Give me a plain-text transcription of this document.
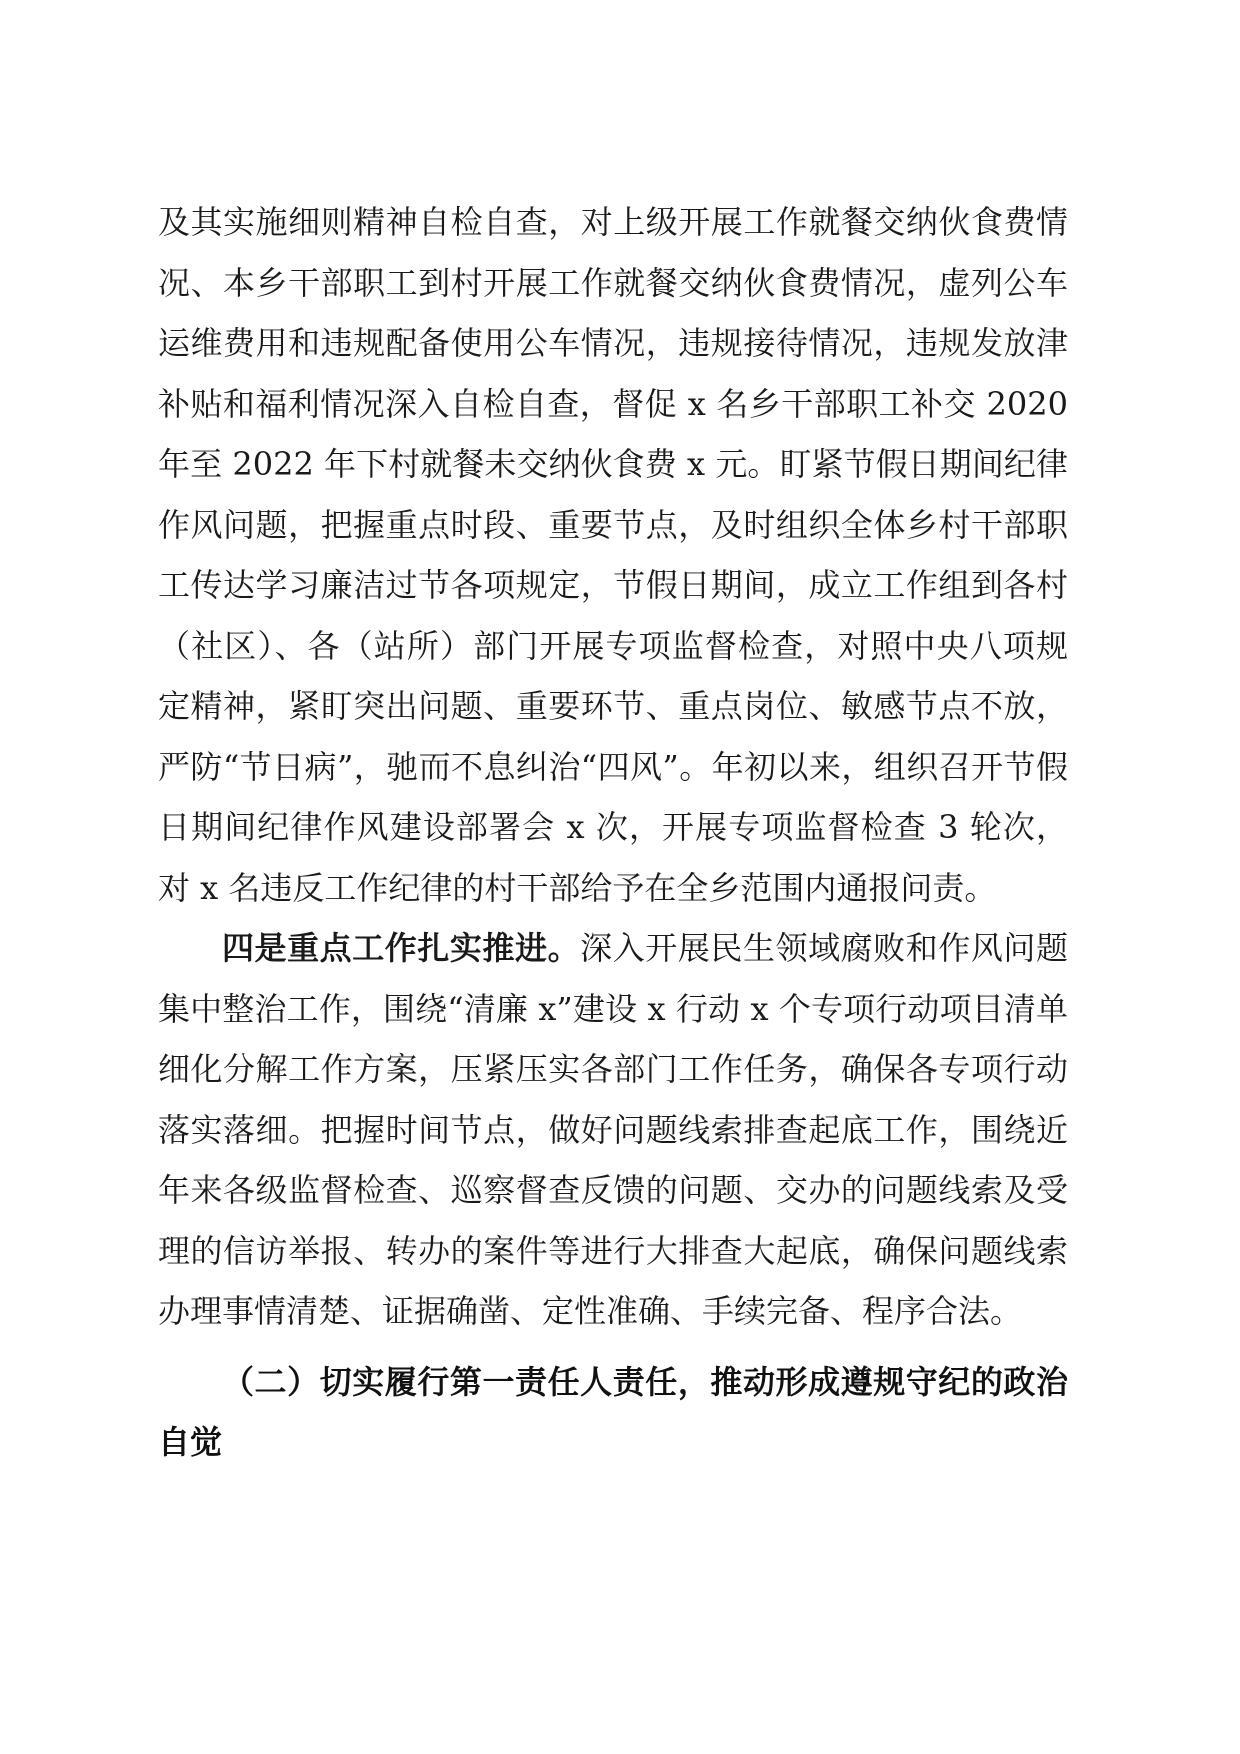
及其实施细则精神自检自查，对上级开展工作就餐交纳伙食费情况、本乡干部职工到村开展工作就餐交纳伙食费情况，虚列公车运维费用和违规配备使用公车情况，违规接待情况，违规发放津补贴和福利情况深入自检自查，督促 x 名乡干部职工补交 2020 年至 2022 年下村就餐未交纳伙食费 x 元。盯紧节假日期间纪律作风问题，把握重点时段、重要节点，及时组织全体乡村干部职工传达学习廉洁过节各项规定，节假日期间，成立工作组到各村（社区）、各（站所）部门开展专项监督检查，对照中央八项规定精神，紧盯突出问题、重要环节、重点岗位、敏感节点不放，严防“节日病”，驰而不息纠治“四风”。年初以来，组织召开节假日期间纪律作风建设部署会 x 次，开展专项监督检查 3 轮次，对 x 名违反工作纪律的村干部给予在全乡范围内通报问责。

四是重点工作扎实推进。深入开展民生领域腐败和作风问题集中整治工作，围绕“清廉 x”建设 x 行动 x 个专项行动项目清单细化分解工作方案，压紧压实各部门工作任务，确保各专项行动落实落细。把握时间节点，做好问题线索排查起底工作，围绕近年来各级监督检查、巡察督查反馈的问题、交办的问题线索及受理的信访举报、转办的案件等进行大排查大起底，确保问题线索办理事情清楚、证据确凿、定性准确、手续完备、程序合法。

（二）切实履行第一责任人责任，推动形成遵规守纪的政治自觉
